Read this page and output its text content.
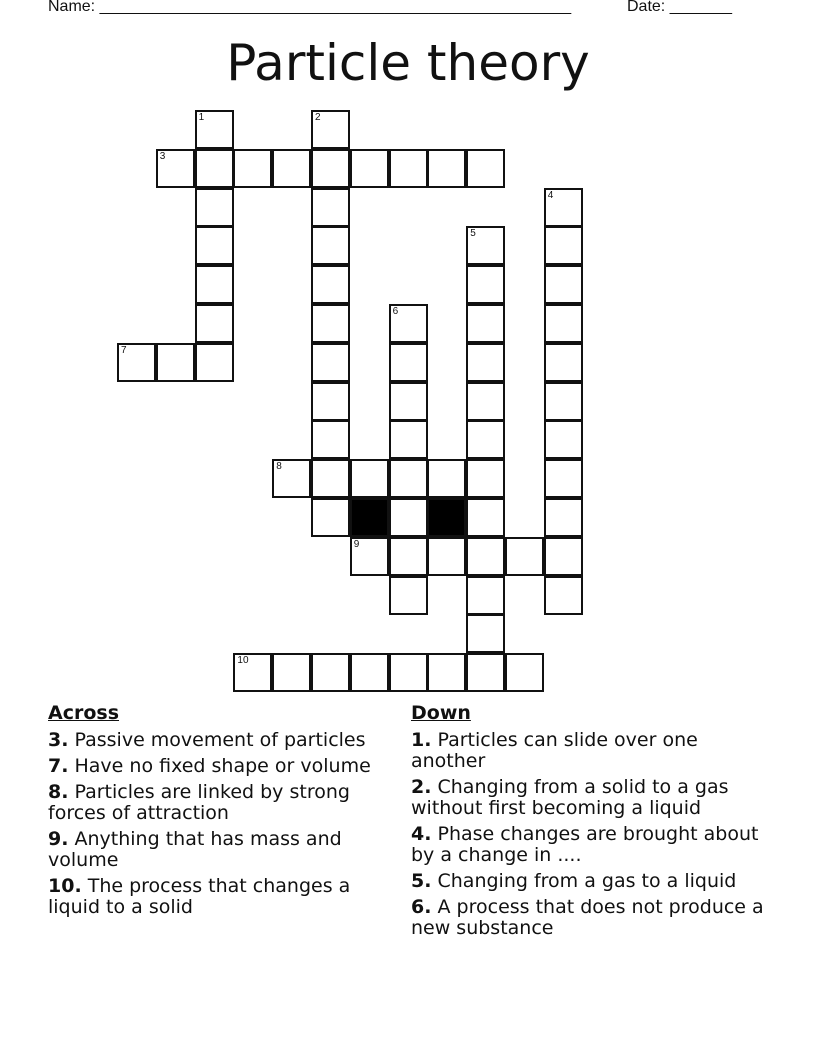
Name: _____________________________________________________	Date: _______
Particle theory
1	2
3
4
5
6
7
8
9
10
Across
3. Passive movement of particles
7. Have no fixed shape or volume
8. Particles are linked by strong forces of attraction
9. Anything that has mass and volume
10. The process that changes a liquid to a solid
Down
1. Particles can slide over one another
2. Changing from a solid to a gas without first becoming a liquid
4. Phase changes are brought about by a change in ....
5. Changing from a gas to a liquid
6. A process that does not produce a new substance
